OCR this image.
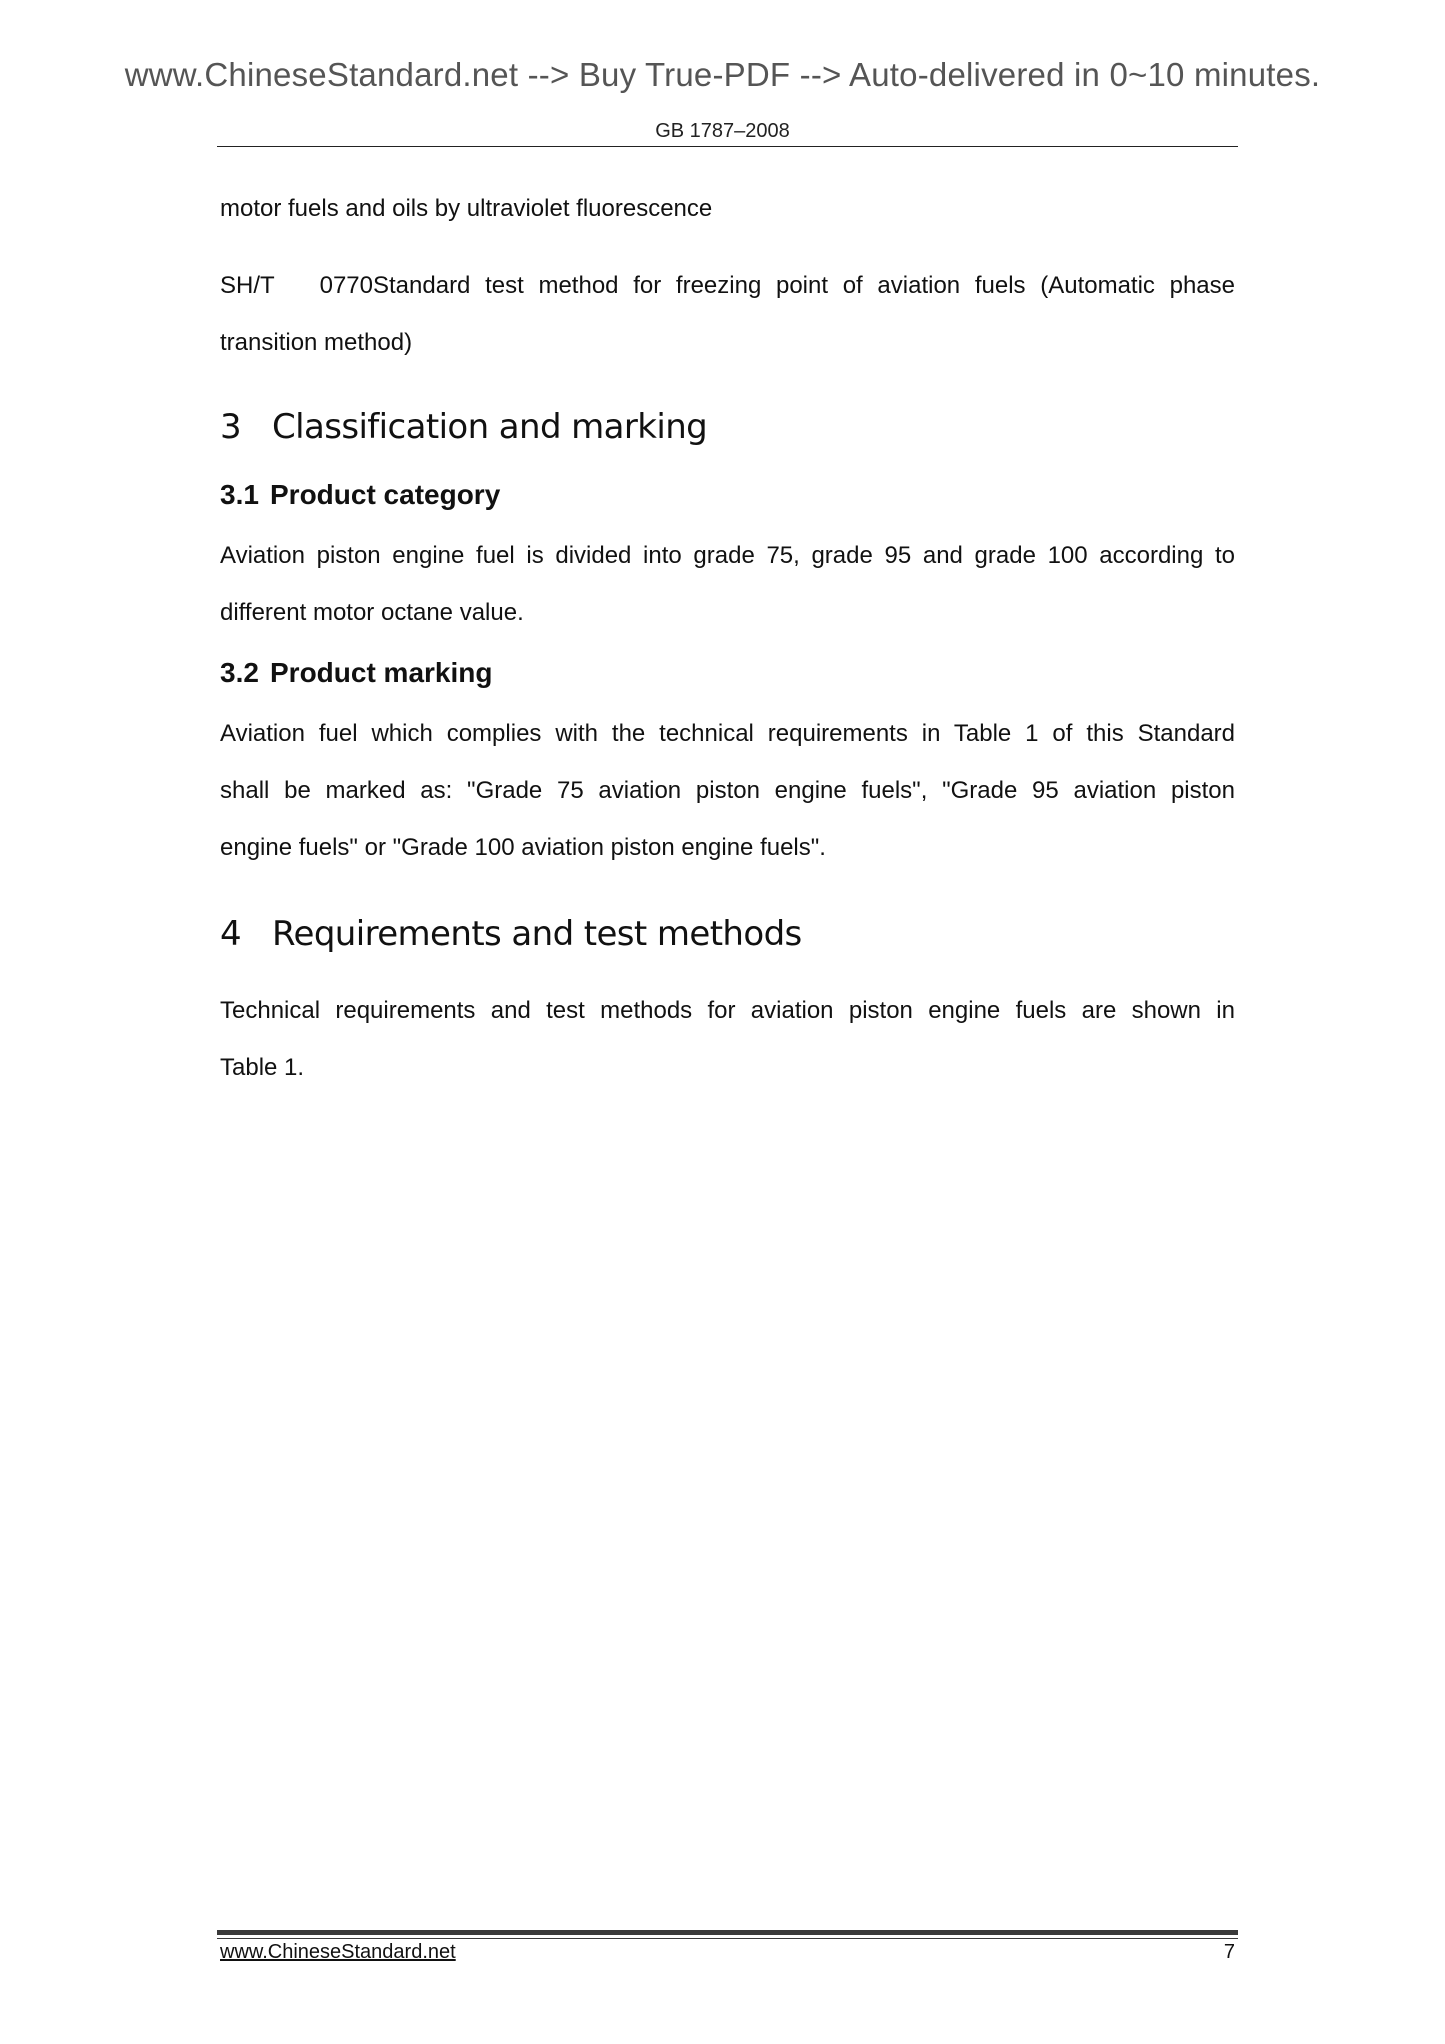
www.ChineseStandard.net --> Buy True-PDF --> Auto-delivered in 0~10 minutes.
GB 1787–2008

motor fuels and oils by ultraviolet fluorescence

SH/T 0770Standard test method for freezing point of aviation fuels (Automatic phase

transition method)

3 Classification and marking
3.1 Product category

Aviation piston engine fuel is divided into grade 75, grade 95 and grade 100 according to

different motor octane value.

3.2 Product marking

Aviation fuel which complies with the technical requirements in Table 1 of this Standard

shall be marked as: "Grade 75 aviation piston engine fuels", "Grade 95 aviation piston

engine fuels" or "Grade 100 aviation piston engine fuels".

4 Requirements and test methods

Technical requirements and test methods for aviation piston engine fuels are shown in

Table 1.

www.ChineseStandard.net	7
